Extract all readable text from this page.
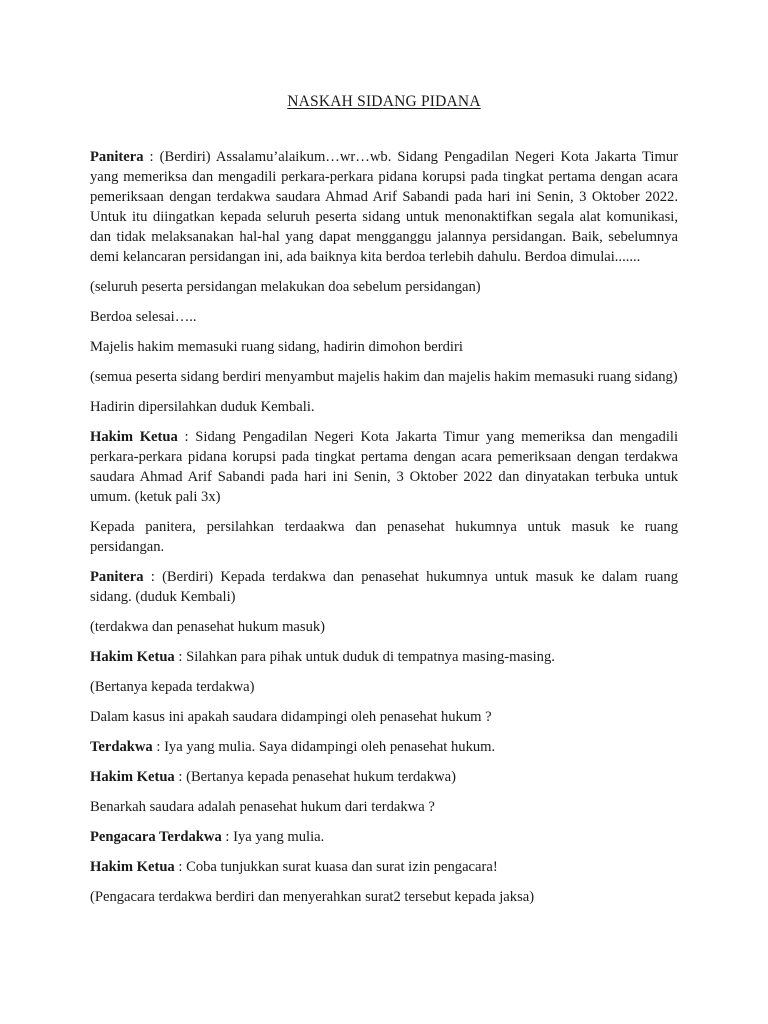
NASKAH SIDANG PIDANA

Panitera : (Berdiri) Assalamu’alaikum…wr…wb. Sidang Pengadilan Negeri Kota Jakarta Timur yang memeriksa dan mengadili perkara-perkara pidana korupsi pada tingkat pertama dengan acara pemeriksaan dengan terdakwa saudara Ahmad Arif Sabandi pada hari ini Senin, 3 Oktober 2022. Untuk itu diingatkan kepada seluruh peserta sidang untuk menonaktifkan segala alat komunikasi, dan tidak melaksanakan hal-hal yang dapat mengganggu jalannya persidangan. Baik, sebelumnya demi kelancaran persidangan ini, ada baiknya kita berdoa terlebih dahulu. Berdoa dimulai.......

(seluruh peserta persidangan melakukan doa sebelum persidangan)

Berdoa selesai…..

Majelis hakim memasuki ruang sidang, hadirin dimohon berdiri

(semua peserta sidang berdiri menyambut majelis hakim dan majelis hakim memasuki ruang sidang)

Hadirin dipersilahkan duduk Kembali.

Hakim Ketua : Sidang Pengadilan Negeri Kota Jakarta Timur yang memeriksa dan mengadili perkara-perkara pidana korupsi pada tingkat pertama dengan acara pemeriksaan dengan terdakwa saudara Ahmad Arif Sabandi pada hari ini Senin, 3 Oktober 2022 dan dinyatakan terbuka untuk umum. (ketuk pali 3x)

Kepada panitera, persilahkan terdaakwa dan penasehat hukumnya untuk masuk ke ruang persidangan.

Panitera : (Berdiri) Kepada terdakwa dan penasehat hukumnya untuk masuk ke dalam ruang sidang. (duduk Kembali)

(terdakwa dan penasehat hukum masuk)

Hakim Ketua : Silahkan para pihak untuk duduk di tempatnya masing-masing.

(Bertanya kepada terdakwa)

Dalam kasus ini apakah saudara didampingi oleh penasehat hukum ?

Terdakwa : Iya yang mulia. Saya didampingi oleh penasehat hukum.

Hakim Ketua : (Bertanya kepada penasehat hukum terdakwa)

Benarkah saudara adalah penasehat hukum dari terdakwa ?

Pengacara Terdakwa : Iya yang mulia.

Hakim Ketua : Coba tunjukkan surat kuasa dan surat izin pengacara!

(Pengacara terdakwa berdiri dan menyerahkan surat2 tersebut kepada jaksa)
